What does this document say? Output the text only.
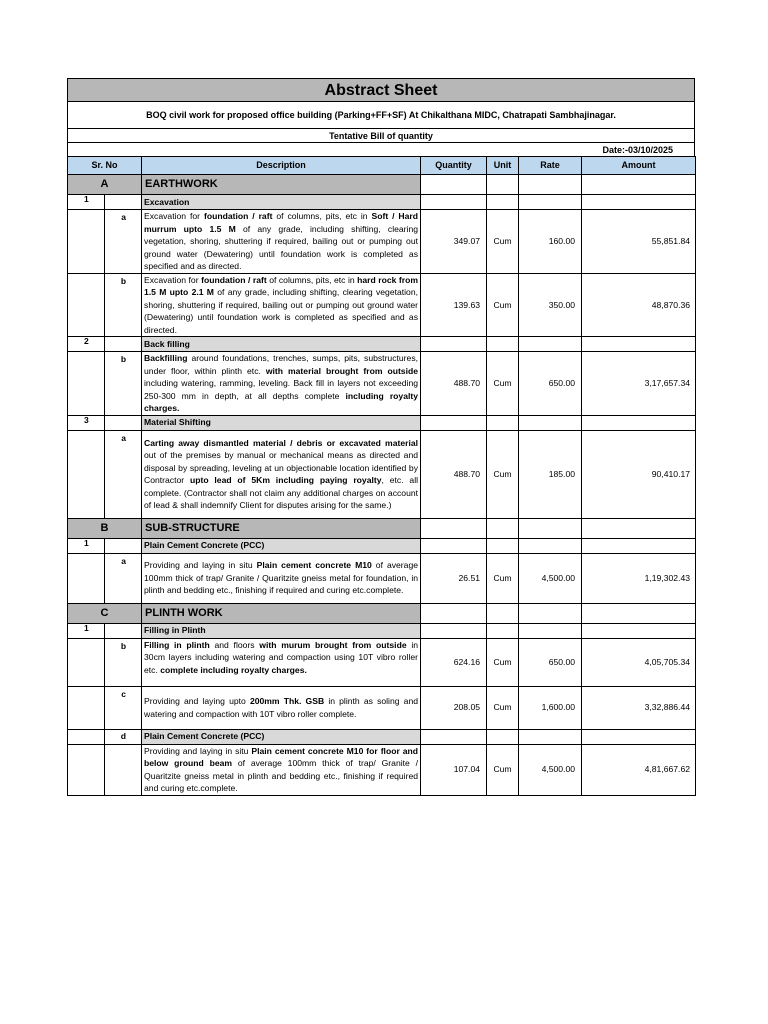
Abstract Sheet
BOQ civil work for proposed office building (Parking+FF+SF) At Chikalthana MIDC, Chatrapati Sambhajinagar.
Tentative Bill of quantity
Date:-03/10/2025
Sr. No		Description	Quantity	Unit	Rate	Amount
A		EARTHWORK				
1		Excavation				
	a	Excavation for foundation / raft of columns, pits, etc in Soft / Hard murrum upto 1.5 M of any grade, including shifting, clearing vegetation, shoring, shuttering if required, bailing out or pumping out ground water (Dewatering) until foundation work is completed as specified and as directed.	349.07	Cum	160.00	55,851.84
	b	Excavation for foundation / raft of columns, pits, etc in hard rock from 1.5 M upto 2.1 M of any grade, including shifting, clearing vegetation, shoring, shuttering if required, bailing out or pumping out ground water (Dewatering) until foundation work is completed as specified and as directed.	139.63	Cum	350.00	48,870.36
2		Back filling				
	b	Backfilling around foundations, trenches, sumps, pits, substructures, under floor, within plinth etc. with material brought from outside including watering, ramming, leveling. Back fill in layers not exceeding 250-300 mm in depth, at all depths complete including royalty charges.	488.70	Cum	650.00	3,17,657.34
3		Material Shifting				
	a	Carting away dismantled material / debris or excavated material out of the premises by manual or mechanical means as directed and disposal by spreading, leveling at un objectionable location identified by Contractor upto lead of 5Km including paying royalty, etc. all complete. (Contractor shall not claim any additional charges on account of lead & shall indemnify Client for disputes arising for the same.)	488.70	Cum	185.00	90,410.17
B		SUB-STRUCTURE				
1		Plain Cement Concrete (PCC)				
	a	Providing and laying in situ Plain cement concrete M10 of average 100mm thick of trap/ Granite / Quaritzite gneiss metal for foundation, in plinth and bedding etc., finishing if required and curing etc.complete.	26.51	Cum	4,500.00	1,19,302.43
C		PLINTH WORK				
1		Filling in Plinth				
	b	Filling in plinth and floors with murum brought from outside in 30cm layers including watering and compaction using 10T vibro roller etc. complete including royalty charges.	624.16	Cum	650.00	4,05,705.34
	c	Providing and laying upto 200mm Thk. GSB in plinth as soling and watering and compaction with 10T vibro roller complete.	208.05	Cum	1,600.00	3,32,886.44
	d	Plain Cement Concrete (PCC)				
		Providing and laying in situ Plain cement concrete M10 for floor and below ground beam of average 100mm thick of trap/ Granite / Quaritzite gneiss metal in plinth and bedding etc., finishing if required and curing etc.complete.	107.04	Cum	4,500.00	4,81,667.62
